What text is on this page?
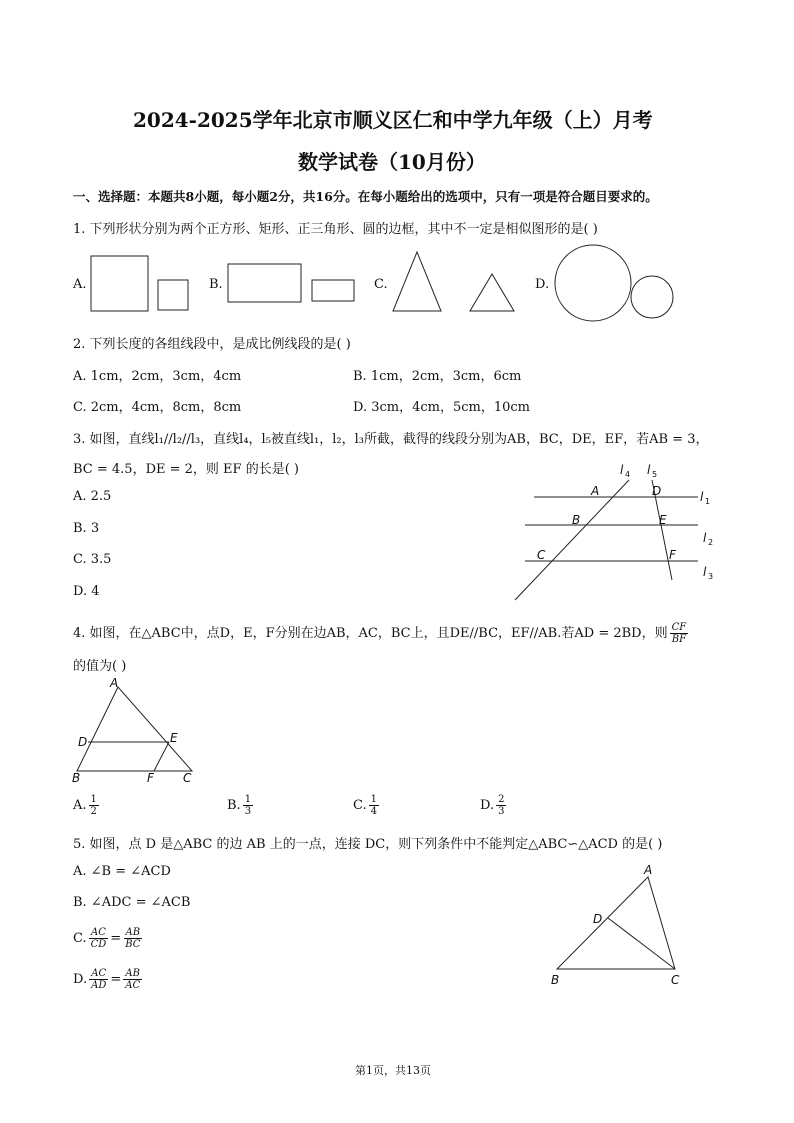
2024-2025学年北京市顺义区仁和中学九年级（上）月考
数学试卷（10月份）
一、选择题：本题共8小题，每小题2分，共16分。在每小题给出的选项中，只有一项是符合题目要求的。
1. 下列形状分别为两个正方形、矩形、正三角形、圆的边框，其中不一定是相似图形的是( )
A.	B.	C.	D.
2. 下列长度的各组线段中，是成比例线段的是( )
A. 1cm，2cm，3cm，4cm	B. 1cm，2cm，3cm，6cm
C. 2cm，4cm，8cm，8cm	D. 3cm，4cm，5cm，10cm
3. 如图，直线l₁//l₂//l₃，直线l₄，l₅被直线l₁，l₂，l₃所截，截得的线段分别为AB，BC，DE，EF，若AB = 3，
BC = 4.5，DE = 2，则 EF 的长是( )
A. 2.5
B. 3
C. 3.5
D. 4
A
B
C
D
E
F
l 4 l 5
l 1
l 2
l 3
4. 如图，在△ABC中，点D，E，F分别在边AB，AC，BC上，且DE//BC，EF//AB.若AD = 2BD，则 $\frac{CF}{BF}$
的值为( )
A
B	C
D	E
F
A. $\frac{1}{2}$	B. $\frac{1}{3}$	C. $\frac{1}{4}$	D. $\frac{2}{3}$
5. 如图，点 D 是△ABC 的边 AB 上的一点，连接 DC，则下列条件中不能判定△ABC∽△ACD 的是( )
A. ∠B = ∠ACD
B. ∠ADC = ∠ACB
C. $\frac{AC}{CD} = \frac{AB}{BC}$
D. $\frac{AC}{AD} = \frac{AB}{AC}$
A
B	C
D
第1页，共13页
